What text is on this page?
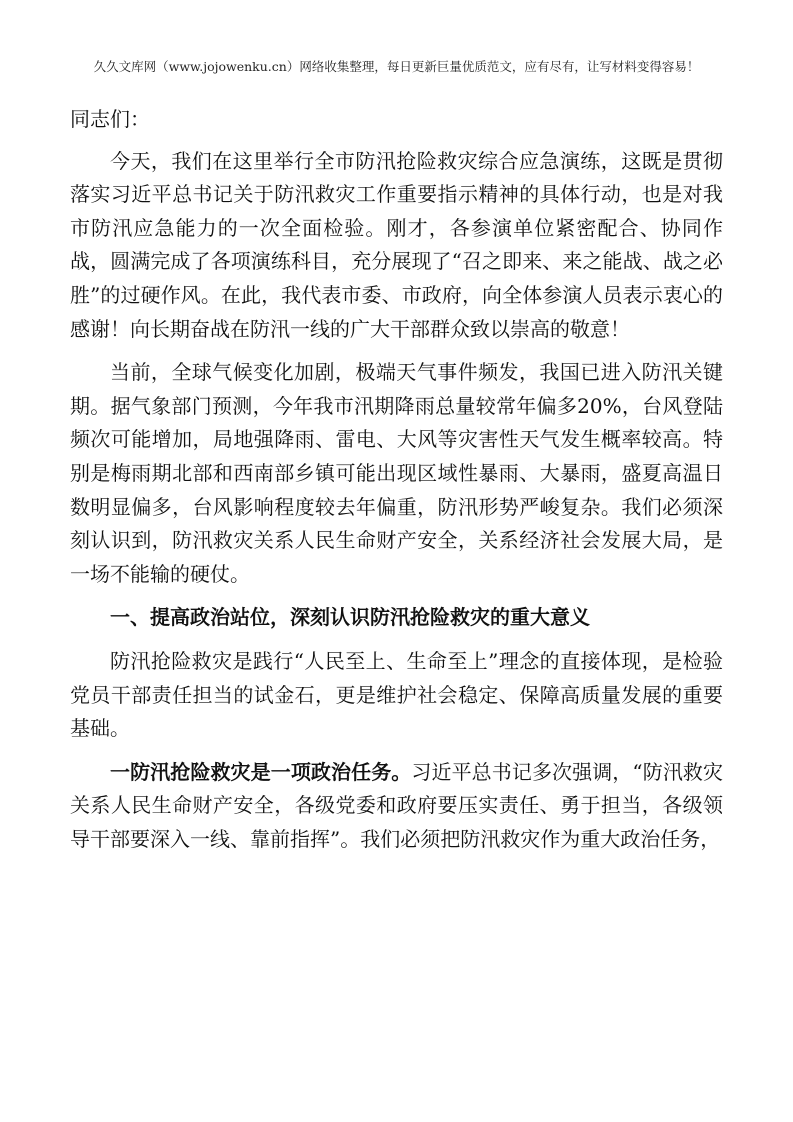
久久文库网（www.jojowenku.cn）网络收集整理，每日更新巨量优质范文，应有尽有，让写材料变得容易！

同志们：

今天，我们在这里举行全市防汛抢险救灾综合应急演练，这既是贯彻落实习近平总书记关于防汛救灾工作重要指示精神的具体行动，也是对我市防汛应急能力的一次全面检验。刚才，各参演单位紧密配合、协同作战，圆满完成了各项演练科目，充分展现了“召之即来、来之能战、战之必胜”的过硬作风。在此，我代表市委、市政府，向全体参演人员表示衷心的感谢！向长期奋战在防汛一线的广大干部群众致以崇高的敬意！

当前，全球气候变化加剧，极端天气事件频发，我国已进入防汛关键期。据气象部门预测，今年我市汛期降雨总量较常年偏多20%，台风登陆频次可能增加，局地强降雨、雷电、大风等灾害性天气发生概率较高。特别是梅雨期北部和西南部乡镇可能出现区域性暴雨、大暴雨，盛夏高温日数明显偏多，台风影响程度较去年偏重，防汛形势严峻复杂。我们必须深刻认识到，防汛救灾关系人民生命财产安全，关系经济社会发展大局，是一场不能输的硬仗。

一、提高政治站位，深刻认识防汛抢险救灾的重大意义

防汛抢险救灾是践行“人民至上、生命至上”理念的直接体现，是检验党员干部责任担当的试金石，更是维护社会稳定、保障高质量发展的重要基础。

一防汛抢险救灾是一项政治任务。习近平总书记多次强调，“防汛救灾关系人民生命财产安全，各级党委和政府要压实责任、勇于担当，各级领导干部要深入一线、靠前指挥”。我们必须把防汛救灾作为重大政治任务，
